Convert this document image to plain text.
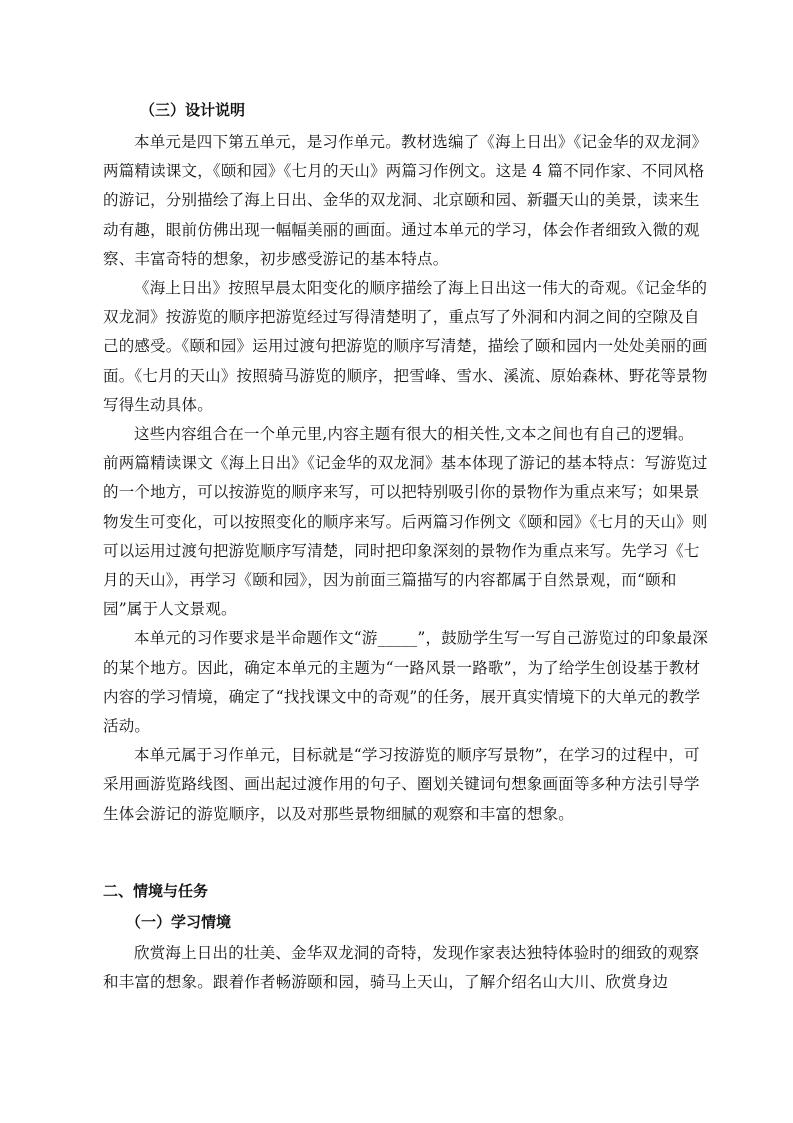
（三）设计说明

本单元是四下第五单元，是习作单元。教材选编了《海上日出》《记金华的双龙洞》两篇精读课文，《颐和园》《七月的天山》两篇习作例文。这是 4 篇不同作家、不同风格的游记，分别描绘了海上日出、金华的双龙洞、北京颐和园、新疆天山的美景，读来生动有趣，眼前仿佛出现一幅幅美丽的画面。通过本单元的学习，体会作者细致入微的观察、丰富奇特的想象，初步感受游记的基本特点。

《海上日出》按照早晨太阳变化的顺序描绘了海上日出这一伟大的奇观。《记金华的双龙洞》按游览的顺序把游览经过写得清楚明了，重点写了外洞和内洞之间的空隙及自己的感受。《颐和园》运用过渡句把游览的顺序写清楚，描绘了颐和园内一处处美丽的画面。《七月的天山》按照骑马游览的顺序，把雪峰、雪水、溪流、原始森林、野花等景物写得生动具体。

这些内容组合在一个单元里,内容主题有很大的相关性,文本之间也有自己的逻辑。前两篇精读课文《海上日出》《记金华的双龙洞》基本体现了游记的基本特点：写游览过的一个地方，可以按游览的顺序来写，可以把特别吸引你的景物作为重点来写；如果景物发生可变化，可以按照变化的顺序来写。后两篇习作例文《颐和园》《七月的天山》则可以运用过渡句把游览顺序写清楚，同时把印象深刻的景物作为重点来写。先学习《七月的天山》，再学习《颐和园》，因为前面三篇描写的内容都属于自然景观，而“颐和园”属于人文景观。

本单元的习作要求是半命题作文“游_____”，鼓励学生写一写自己游览过的印象最深的某个地方。因此，确定本单元的主题为“一路风景一路歌”，为了给学生创设基于教材内容的学习情境，确定了“找找课文中的奇观”的任务，展开真实情境下的大单元的教学活动。

本单元属于习作单元，目标就是“学习按游览的顺序写景物”，在学习的过程中，可采用画游览路线图、画出起过渡作用的句子、圈划关键词句想象画面等多种方法引导学生体会游记的游览顺序，以及对那些景物细腻的观察和丰富的想象。

二、情境与任务
（一）学习情境

欣赏海上日出的壮美、金华双龙洞的奇特，发现作家表达独特体验时的细致的观察和丰富的想象。跟着作者畅游颐和园，骑马上天山，了解介绍名山大川、欣赏身边
